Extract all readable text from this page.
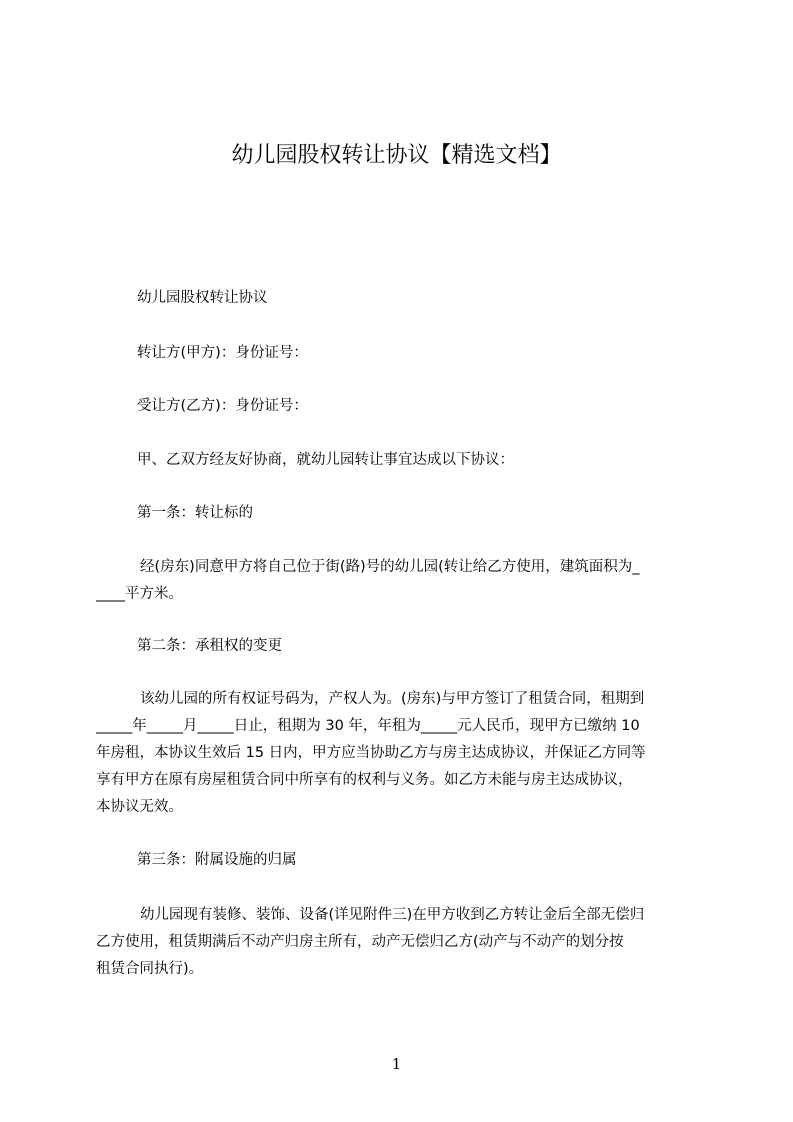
幼儿园股权转让协议【精选文档】
幼儿园股权转让协议
转让方(甲方)：身份证号：
受让方(乙方)：身份证号：
甲、乙双方经友好协商，就幼儿园转让事宜达成以下协议：
第一条：转让标的
经(房东)同意甲方将自己位于街(路)号的幼儿园(转让给乙方使用，建筑面积为_
____平方米。
第二条：承租权的变更
该幼儿园的所有权证号码为，产权人为。(房东)与甲方签订了租赁合同，租期到
_____年_____月_____日止，租期为 30 年，年租为_____元人民币，现甲方已缴纳 10
年房租，本协议生效后 15 日内，甲方应当协助乙方与房主达成协议，并保证乙方同等
享有甲方在原有房屋租赁合同中所享有的权利与义务。如乙方未能与房主达成协议，
本协议无效。
第三条：附属设施的归属
幼儿园现有装修、装饰、设备(详见附件三)在甲方收到乙方转让金后全部无偿归
乙方使用，租赁期满后不动产归房主所有，动产无偿归乙方(动产与不动产的划分按
租赁合同执行)。
1
